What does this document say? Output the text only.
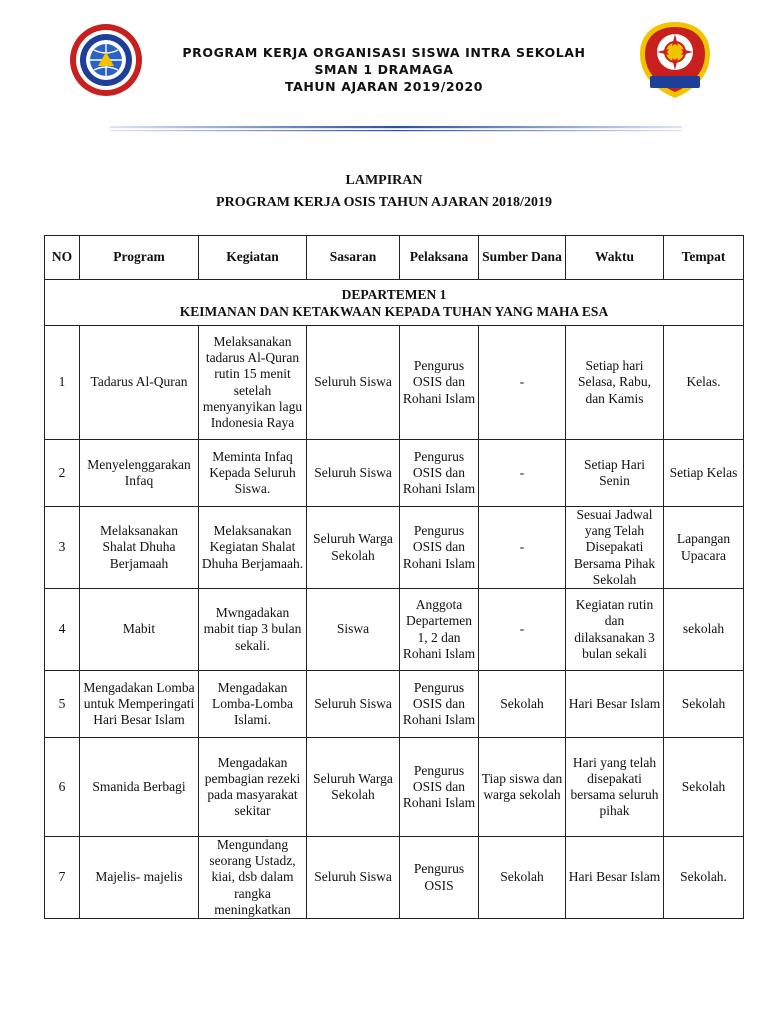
PROGRAM KERJA ORGANISASI SISWA INTRA SEKOLAH
SMAN 1 DRAMAGA
TAHUN AJARAN 2019/2020
LAMPIRAN
PROGRAM KERJA OSIS TAHUN AJARAN 2018/2019
NO	Program	Kegiatan	Sasaran	Pelaksana	Sumber Dana	Waktu	Tempat

DEPARTEMEN 1
KEIMANAN DAN KETAKWAAN KEPADA TUHAN YANG MAHA ESA							

1	Tadarus Al-Quran	Melaksanakan tadarus Al-Quran rutin 15 menit setelah menyanyikan lagu Indonesia Raya	Seluruh Siswa	Pengurus OSIS dan Rohani Islam	-	Setiap hari Selasa, Rabu, dan Kamis	Kelas.
2	Menyelenggarakan Infaq	Meminta Infaq Kepada Seluruh Siswa.	Seluruh Siswa	Pengurus OSIS dan Rohani Islam	-	Setiap Hari Senin	Setiap Kelas
3	Melaksanakan Shalat Dhuha Berjamaah	Melaksanakan Kegiatan Shalat Dhuha Berjamaah.	Seluruh Warga Sekolah	Pengurus OSIS dan Rohani Islam	-	Sesuai Jadwal yang Telah Disepakati Bersama Pihak Sekolah	Lapangan Upacara
4	Mabit	Mwngadakan mabit tiap 3 bulan sekali.	Siswa	Anggota Departemen 1, 2 dan Rohani Islam	-	Kegiatan rutin dan dilaksanakan 3 bulan sekali	sekolah
5	Mengadakan Lomba untuk Memperingati Hari Besar Islam	Mengadakan Lomba-Lomba Islami.	Seluruh Siswa	Pengurus OSIS dan Rohani Islam	Sekolah	Hari Besar Islam	Sekolah
6	Smanida Berbagi	Mengadakan pembagian rezeki pada masyarakat sekitar	Seluruh Warga Sekolah	Pengurus OSIS dan Rohani Islam	Tiap siswa dan warga sekolah	Hari yang telah disepakati bersama seluruh pihak	Sekolah
7	Majelis- majelis	Mengundang seorang Ustadz, kiai, dsb dalam rangka meningkatkan	Seluruh Siswa	Pengurus OSIS	Sekolah	Hari Besar Islam	Sekolah.
